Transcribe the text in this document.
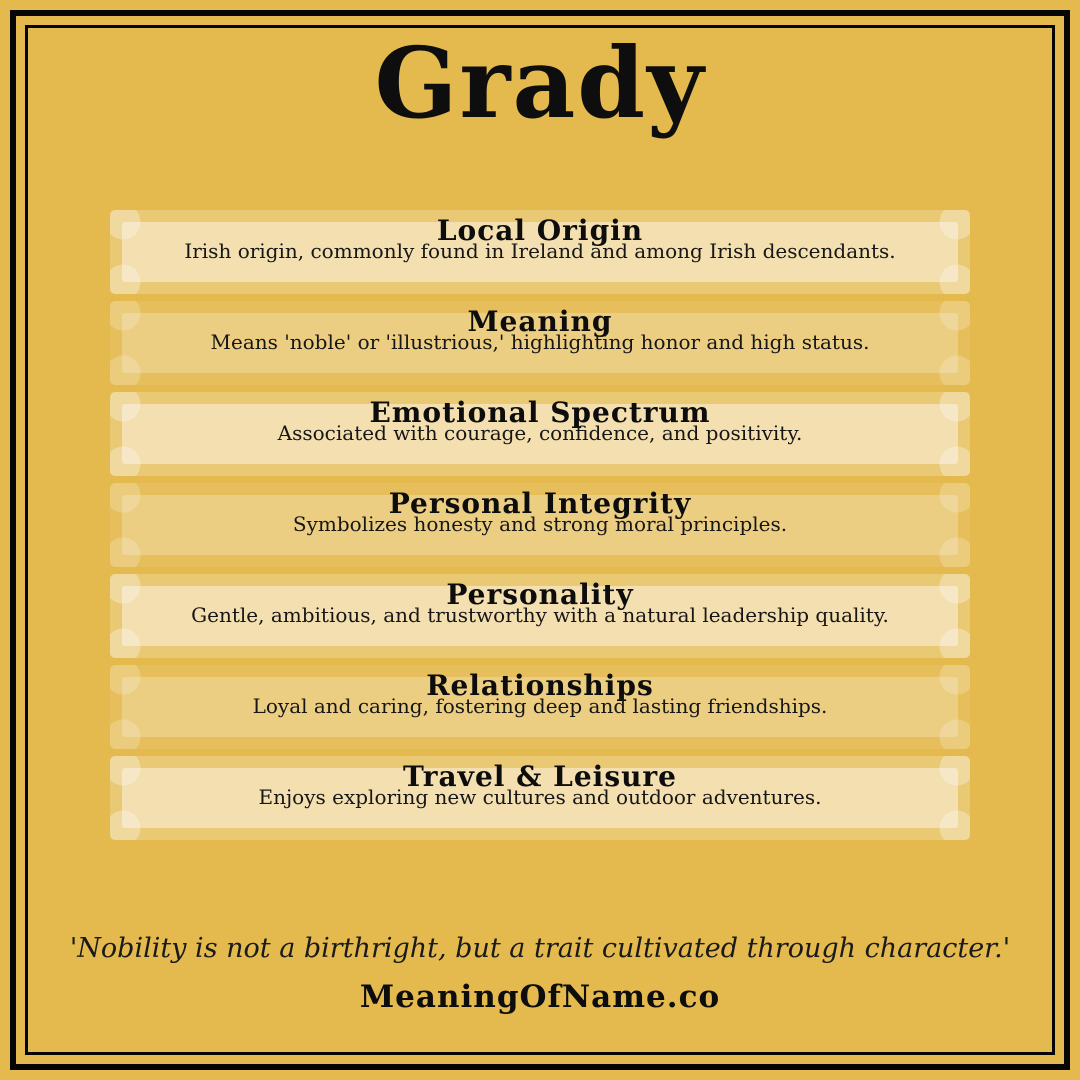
Grady
Local Origin

Irish origin, commonly found in Ireland and among Irish descendants.

Meaning

Means 'noble' or 'illustrious,' highlighting honor and high status.

Emotional Spectrum

Associated with courage, confidence, and positivity.

Personal Integrity

Symbolizes honesty and strong moral principles.

Personality

Gentle, ambitious, and trustworthy with a natural leadership quality.

Relationships

Loyal and caring, fostering deep and lasting friendships.

Travel & Leisure

Enjoys exploring new cultures and outdoor adventures.

'Nobility is not a birthright, but a trait cultivated through character.'

MeaningOfName.co
